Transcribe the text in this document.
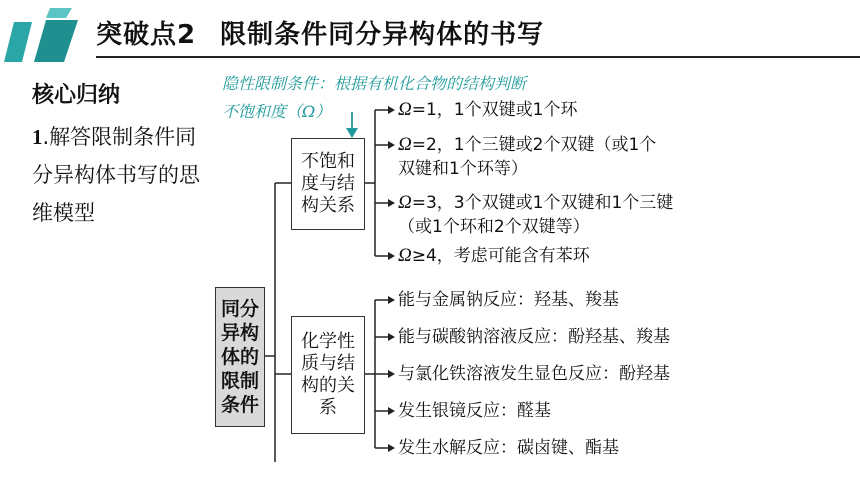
突破点2 限制条件同分异构体的书写
核心归纳
1.解答限制条件同分异构体书写的思维模型
隐性限制条件：根据有机化合物的结构判断
不饱和度（Ω）
同分异构体的限制条件
不饱和度与结构关系
化学性质与结构的关系
Ω=1，1个双键或1个环
Ω=2，1个三键或2个双键（或1个
双键和1个环等）
Ω=3，3个双键或1个双键和1个三键
（或1个环和2个双键等）
Ω≥4，考虑可能含有苯环
能与金属钠反应：羟基、羧基
能与碳酸钠溶液反应：酚羟基、羧基
与氯化铁溶液发生显色反应：酚羟基
发生银镜反应：醛基
发生水解反应：碳卤键、酯基
